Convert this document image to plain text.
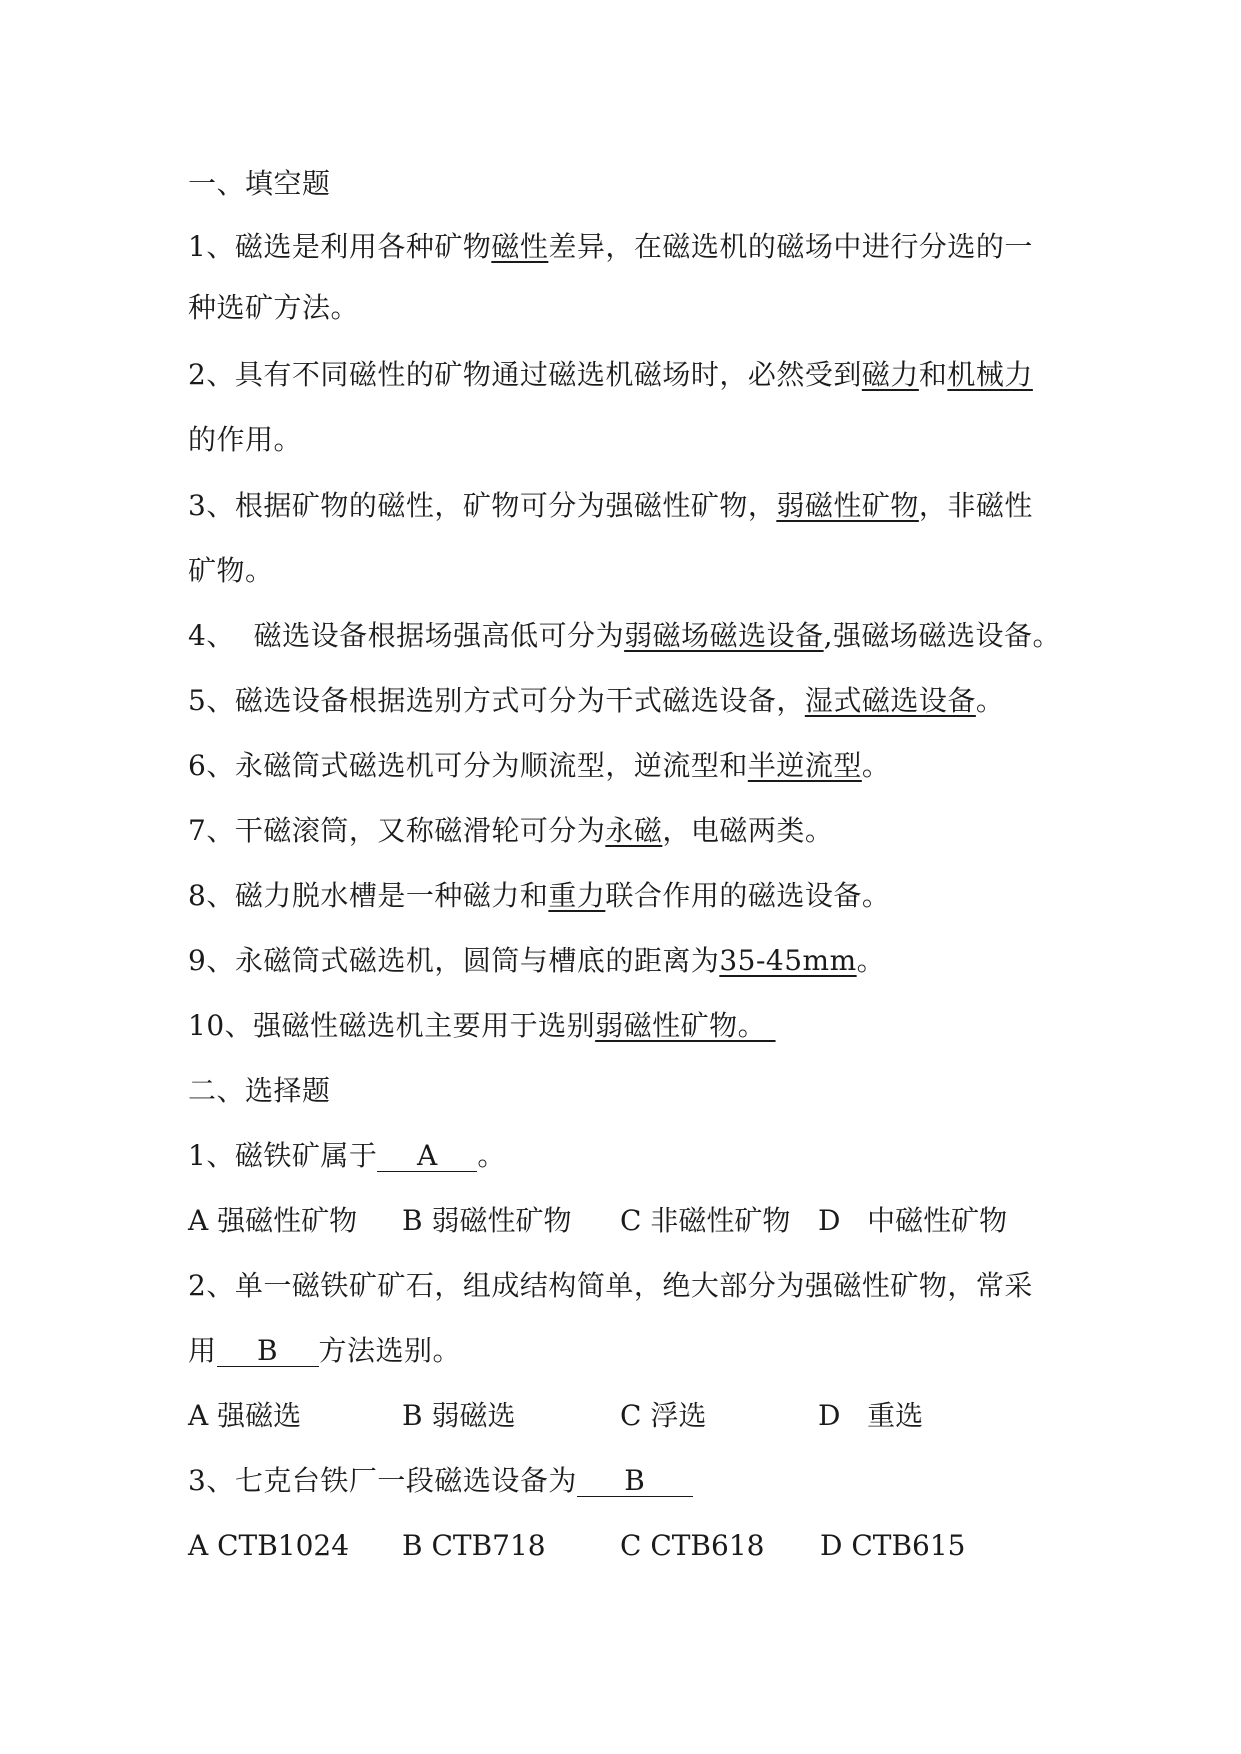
一、填空题
1、磁选是利用各种矿物磁性差异，在磁选机的磁场中进行分选的一
种选矿方法。
2、具有不同磁性的矿物通过磁选机磁场时，必然受到磁力和机械力
的作用。
3、根据矿物的磁性，矿物可分为强磁性矿物，弱磁性矿物，非磁性
矿物。
4、  磁选设备根据场强高低可分为弱磁场磁选设备,强磁场磁选设备。
5、磁选设备根据选别方式可分为干式磁选设备，湿式磁选设备。
6、永磁筒式磁选机可分为顺流型，逆流型和半逆流型。
7、干磁滚筒，又称磁滑轮可分为永磁，电磁两类。
8、磁力脱水槽是一种磁力和重力联合作用的磁选设备。
9、永磁筒式磁选机，圆筒与槽底的距离为35-45mm。
10、强磁性磁选机主要用于选别弱磁性矿物。
二、选择题
1、磁铁矿属于 A 。
A 强磁性矿物 B 弱磁性矿物 C 非磁性矿物 D   中磁性矿物
2、单一磁铁矿矿石，组成结构简单，绝大部分为强磁性矿物，常采
用 B 方法选别。
A 强磁选	B 弱磁选	C 浮选	D   重选
3、七克台铁厂一段磁选设备为 B
A CTB1024 B CTB718	C CTB618 D CTB615
